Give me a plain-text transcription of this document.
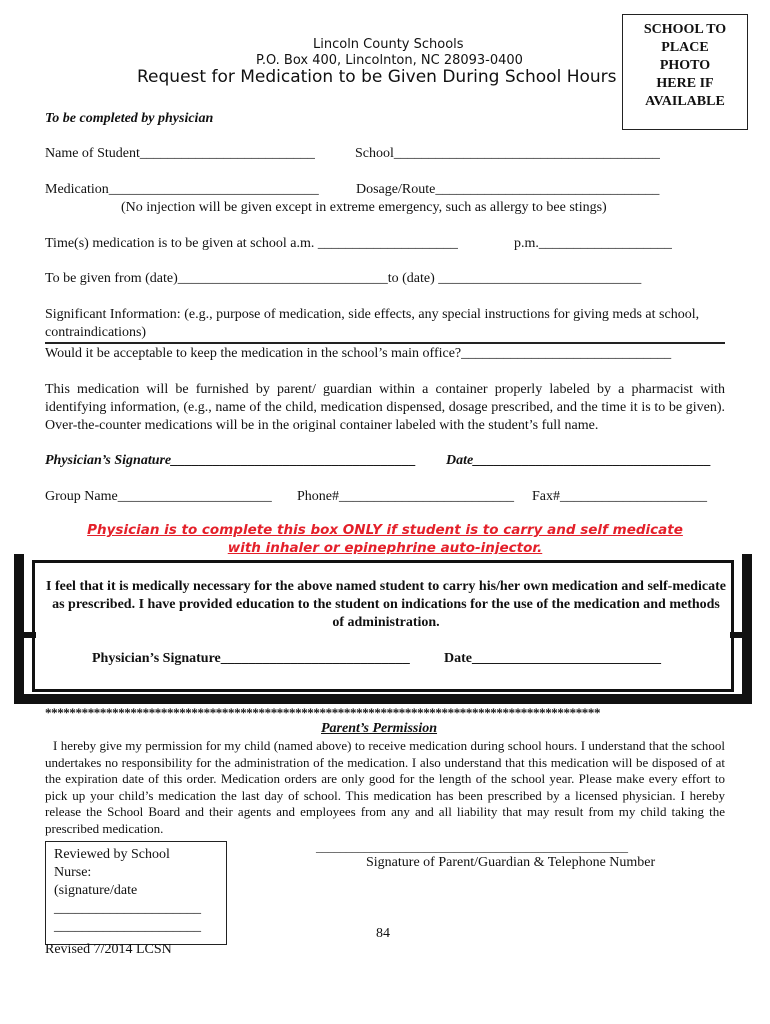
Lincoln County Schools
P.O. Box 400, Lincolnton, NC 28093-0400
Request for Medication to be Given During School Hours
SCHOOL TO
PLACE
PHOTO
HERE IF
AVAILABLE
To be completed by physician
Name of Student_________________________	School______________________________________
Medication______________________________	Dosage/Route________________________________
(No injection will be given except in extreme emergency, such as allergy to bee stings)
Time(s) medication is to be given at school a.m. ____________________	p.m.___________________
To be given from (date)______________________________to (date) _____________________________
Significant Information: (e.g., purpose of medication, side effects, any special instructions for giving meds at school, contraindications)
Would it be acceptable to keep the medication in the school’s main office?______________________________
This medication will be furnished by parent/ guardian within a container properly labeled by a pharmacist with identifying information, (e.g., name of the child, medication dispensed, dosage prescribed, and the time it is to be given). Over-the-counter medications will be in the original container labeled with the student’s full name.
Physician’s Signature___________________________________ Date__________________________________
Group Name______________________ Phone#_________________________ Fax#_____________________
Physician is to complete this box ONLY if student is to carry and self medicate
with inhaler or epinephrine auto-injector.
I feel that it is medically necessary for the above named student to carry his/her own medication and self-medicate as prescribed. I have provided education to the student on indications for the use of the medication and methods of administration.
Physician’s Signature___________________________ Date___________________________
*******************************************************************************************
Parent’s Permission
I hereby give my permission for my child (named above) to receive medication during school hours. I understand that the school undertakes no responsibility for the administration of the medication. I also understand that this medication will be disposed of at the expiration date of this order. Medication orders are only good for the length of the school year. Please make every effort to pick up your child’s medication the last day of school. This medication has been prescribed by a licensed physician. I hereby release the School Board and their agents and employees from any and all liability that may result from my child taking the prescribed medication.
____________________________________________________
Signature of Parent/Guardian & Telephone Number
Reviewed by School
Nurse:
(signature/date
_____________________
_____________________	84
Revised 7/2014 LCSN
